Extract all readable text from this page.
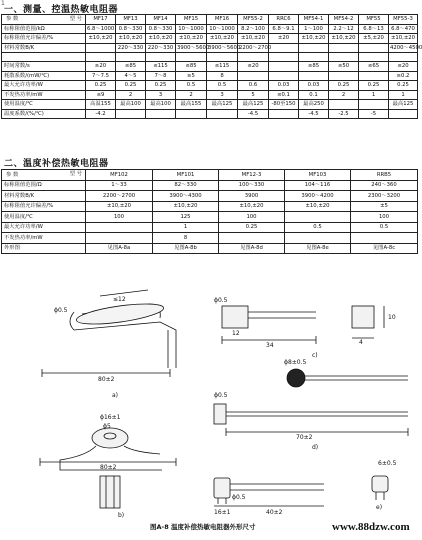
1
一、测量、控温热敏电阻器
型 号
参 数	MF17	MF13	MF14	MF15	MF16	MF55-2	RRC6	MF54-1	MF54-2	MF55	MF55-3
标称阻值范围/kΩ	6.8～1000	0.8～330	0.8～330	10～1000	10～1000	8.2～100	6.8～9.1	1～100	2.2～12	6.8～13	6.8～470
标称阻值允许偏差/%	±10,±20	±10,±20	±10,±20	±10,±20	±10,±20	±10,±20	±20	±10,±20	±10,±20	±5,±20	±10,±20
材料常数B/K		220～330	220～330	3900～5600	3900～5600	2200～2700					4200～4500

时间常数/s	≥20	≤85	≤115	≤85	≤115	≤20		≤85	≤50	≤65	≤20
耗散系数/(mW/℃)	7～7.5	4～5	7～8	≥5	8						≥0.2
最大允许功率/W	0.25	0.25	0.25	0.5	0.5	0.6	0.03	0.03	0.25	0.25	0.25
不发热功率/mW	≤9	2	3	2	3	5	≤0.1	0.1	2	1	1
使用温度/℃	高温155	最高100	最高100	最高155	最高125	最高125	-80至150	最高250			最高125
温度系数/(%/℃)	-4.2					-4.5		-4.5	-2.5	-5	
二、温度补偿热敏电阻器
型 号
参 数	MF102	MF101	MF12-3	MF103	RRB5
标称阻值范围/Ω	1～33	82～330	100～330	104～116	240～360
材料常数B/K	2200～2700	3900～4300	3900	3900～4200	2300～3200
标称阻值允许偏差/%	±10,±20	±10,±20	±10,±20	±10,±20	±5
使用温度/℃	100	125	100		100
最大允许功率/W		1	0.25	0.5	0.5
不发热功率/mW		8			
外形图	见图A-8a	见图A-8b	见图A-8d	见图A-8e	见图A-8c
≤12
ϕ0.5
80±2
a)
ϕ0.5
12
34	4
10
c)
ϕ8±0.5
70±2
ϕ0.5
d)
ϕ16±1
ϕ5
80±2
b)
6±0.5
ϕ0.5
16±1	40±2
e)
图A-8 温度补偿热敏电阻器外形尺寸	www.88dzw.com
